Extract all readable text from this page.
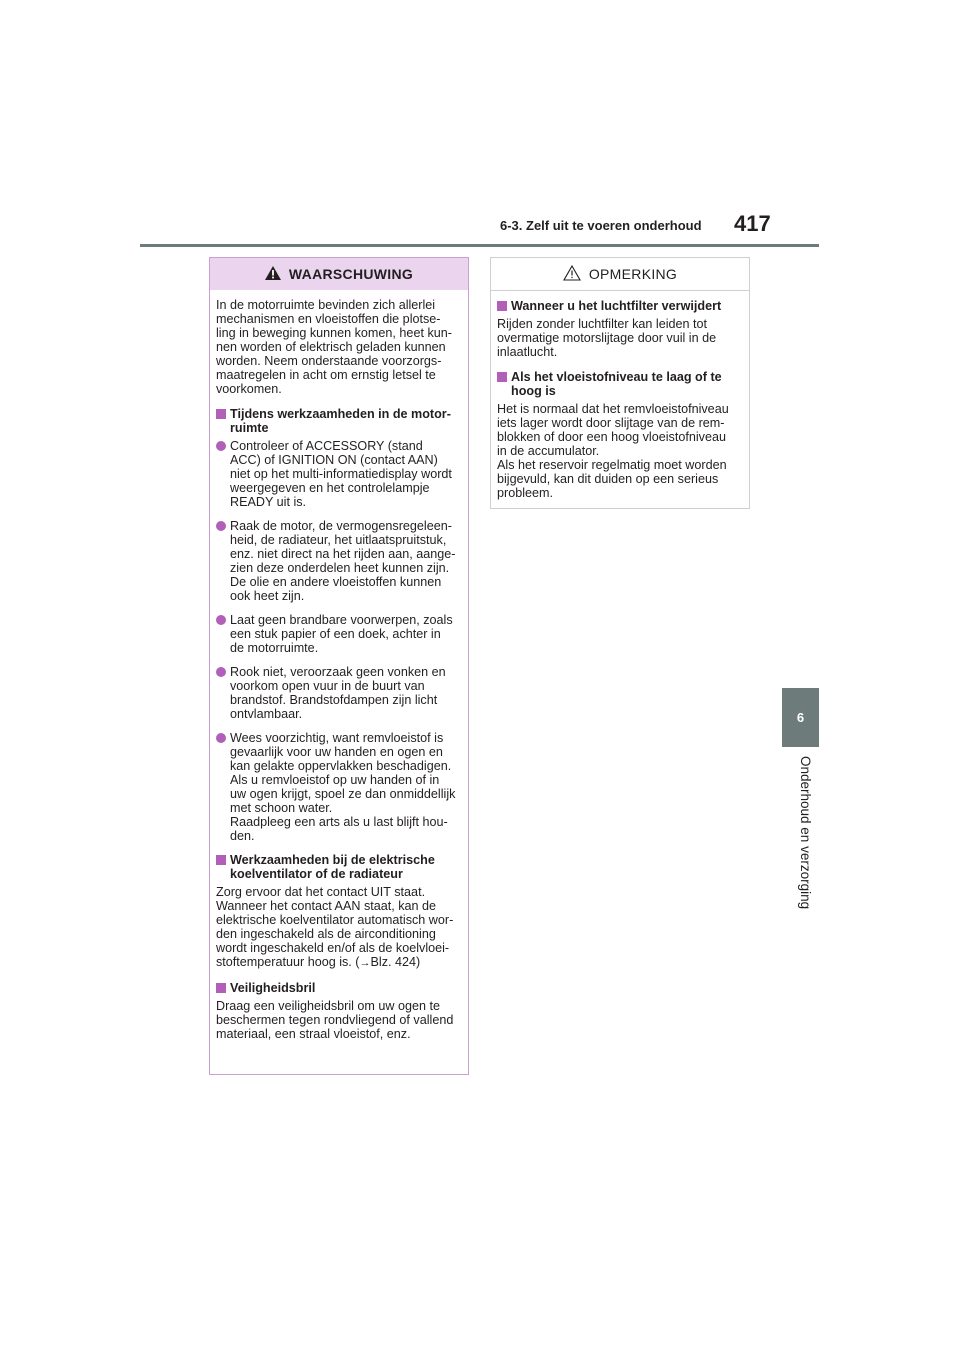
6-3. Zelf uit te voeren onderhoud 417
6
Onderhoud en verzorging
WAARSCHUWING
In de motorruimte bevinden zich allerlei
mechanismen en vloeistoffen die plotse-
ling in beweging kunnen komen, heet kun-
nen worden of elektrisch geladen kunnen
worden. Neem onderstaande voorzorgs-
maatregelen in acht om ernstig letsel te
voorkomen.
Tijdens werkzaamheden in de motor-
ruimte
Controleer of ACCESSORY (stand
ACC) of IGNITION ON (contact AAN)
niet op het multi-informatiedisplay wordt
weergegeven en het controlelampje
READY uit is.
Raak de motor, de vermogensregeleen-
heid, de radiateur, het uitlaatspruitstuk,
enz. niet direct na het rijden aan, aange-
zien deze onderdelen heet kunnen zijn.
De olie en andere vloeistoffen kunnen
ook heet zijn.
Laat geen brandbare voorwerpen, zoals
een stuk papier of een doek, achter in
de motorruimte.
Rook niet, veroorzaak geen vonken en
voorkom open vuur in de buurt van
brandstof. Brandstofdampen zijn licht
ontvlambaar.
Wees voorzichtig, want remvloeistof is
gevaarlijk voor uw handen en ogen en
kan gelakte oppervlakken beschadigen.
Als u remvloeistof op uw handen of in
uw ogen krijgt, spoel ze dan onmiddellijk
met schoon water.
Raadpleeg een arts als u last blijft hou-
den.
Werkzaamheden bij de elektrische
koelventilator of de radiateur
Zorg ervoor dat het contact UIT staat.
Wanneer het contact AAN staat, kan de
elektrische koelventilator automatisch wor-
den ingeschakeld als de airconditioning
wordt ingeschakeld en/of als de koelvloei-
stoftemperatuur hoog is. (→Blz. 424)
Veiligheidsbril
Draag een veiligheidsbril om uw ogen te
beschermen tegen rondvliegend of vallend
materiaal, een straal vloeistof, enz.
OPMERKING
Wanneer u het luchtfilter verwijdert
Rijden zonder luchtfilter kan leiden tot
overmatige motorslijtage door vuil in de
inlaatlucht.
Als het vloeistofniveau te laag of te
hoog is
Het is normaal dat het remvloeistofniveau
iets lager wordt door slijtage van de rem-
blokken of door een hoog vloeistofniveau
in de accumulator.
Als het reservoir regelmatig moet worden
bijgevuld, kan dit duiden op een serieus
probleem.
